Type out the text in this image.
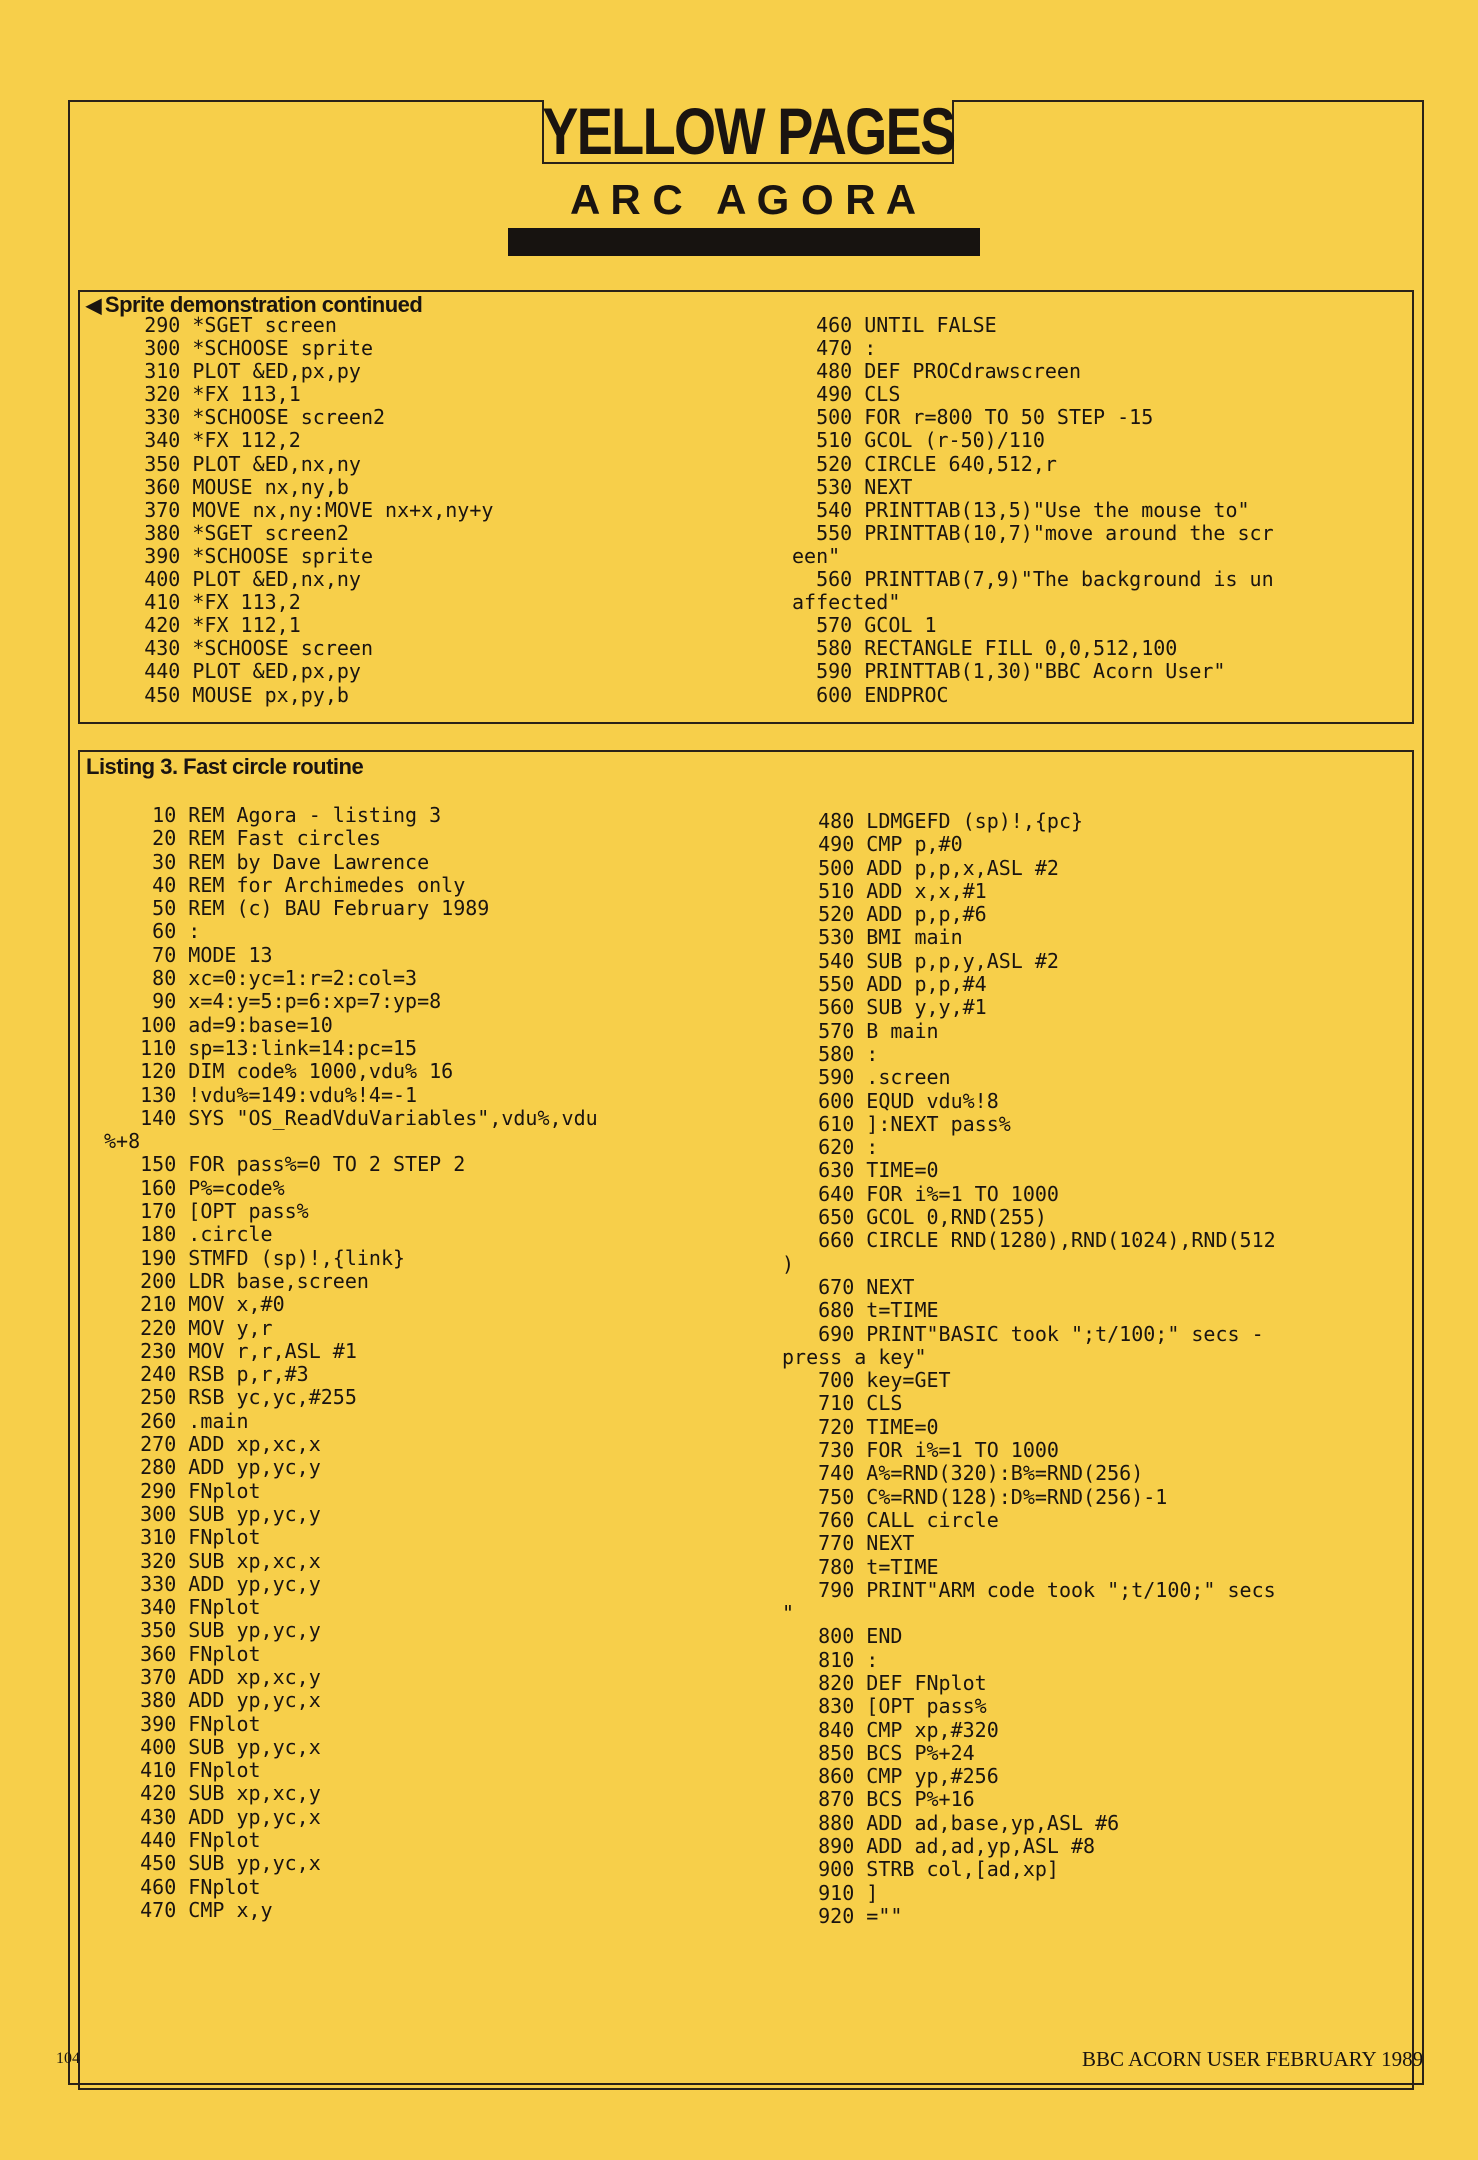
YELLOW PAGES
A R C   A G O R A
◀ Sprite demonstration continued
290 *SGET screen
300 *SCHOOSE sprite
310 PLOT &ED,px,py
320 *FX 113,1
330 *SCHOOSE screen2
340 *FX 112,2
350 PLOT &ED,nx,ny
360 MOUSE nx,ny,b
370 MOVE nx,ny:MOVE nx+x,ny+y
380 *SGET screen2
390 *SCHOOSE sprite
400 PLOT &ED,nx,ny
410 *FX 113,2
420 *FX 112,1
430 *SCHOOSE screen
440 PLOT &ED,px,py
450 MOUSE px,py,b
460 UNTIL FALSE
470 :
480 DEF PROCdrawscreen
490 CLS
500 FOR r=800 TO 50 STEP -15
510 GCOL (r-50)/110
520 CIRCLE 640,512,r
530 NEXT
540 PRINTTAB(13,5)"Use the mouse to"
550 PRINTTAB(10,7)"move around the scr
een"
560 PRINTTAB(7,9)"The background is un
affected"
570 GCOL 1
580 RECTANGLE FILL 0,0,512,100
590 PRINTTAB(1,30)"BBC Acorn User"
600 ENDPROC
Listing 3. Fast circle routine
10 REM Agora - listing 3
20 REM Fast circles
30 REM by Dave Lawrence
40 REM for Archimedes only
50 REM (c) BAU February 1989
60 :
70 MODE 13
80 xc=0:yc=1:r=2:col=3
90 x=4:y=5:p=6:xp=7:yp=8
100 ad=9:base=10
110 sp=13:link=14:pc=15
120 DIM code% 1000,vdu% 16
130 !vdu%=149:vdu%!4=-1
140 SYS "OS_ReadVduVariables",vdu%,vdu
%+8
150 FOR pass%=0 TO 2 STEP 2
160 P%=code%
170 [OPT pass%
180 .circle
190 STMFD (sp)!,{link}
200 LDR base,screen
210 MOV x,#0
220 MOV y,r
230 MOV r,r,ASL #1
240 RSB p,r,#3
250 RSB yc,yc,#255
260 .main
270 ADD xp,xc,x
280 ADD yp,yc,y
290 FNplot
300 SUB yp,yc,y
310 FNplot
320 SUB xp,xc,x
330 ADD yp,yc,y
340 FNplot
350 SUB yp,yc,y
360 FNplot
370 ADD xp,xc,y
380 ADD yp,yc,x
390 FNplot
400 SUB yp,yc,x
410 FNplot
420 SUB xp,xc,y
430 ADD yp,yc,x
440 FNplot
450 SUB yp,yc,x
460 FNplot
470 CMP x,y
480 LDMGEFD (sp)!,{pc}
490 CMP p,#0
500 ADD p,p,x,ASL #2
510 ADD x,x,#1
520 ADD p,p,#6
530 BMI main
540 SUB p,p,y,ASL #2
550 ADD p,p,#4
560 SUB y,y,#1
570 B main
580 :
590 .screen
600 EQUD vdu%!8
610 ]:NEXT pass%
620 :
630 TIME=0
640 FOR i%=1 TO 1000
650 GCOL 0,RND(255)
660 CIRCLE RND(1280),RND(1024),RND(512
)
670 NEXT
680 t=TIME
690 PRINT"BASIC took ";t/100;" secs -
press a key"
700 key=GET
710 CLS
720 TIME=0
730 FOR i%=1 TO 1000
740 A%=RND(320):B%=RND(256)
750 C%=RND(128):D%=RND(256)-1
760 CALL circle
770 NEXT
780 t=TIME
790 PRINT"ARM code took ";t/100;" secs
"
800 END
810 :
820 DEF FNplot
830 [OPT pass%
840 CMP xp,#320
850 BCS P%+24
860 CMP yp,#256
870 BCS P%+16
880 ADD ad,base,yp,ASL #6
890 ADD ad,ad,yp,ASL #8
900 STRB col,[ad,xp]
910 ]
920 =""
104	BBC ACORN USER FEBRUARY 1989
